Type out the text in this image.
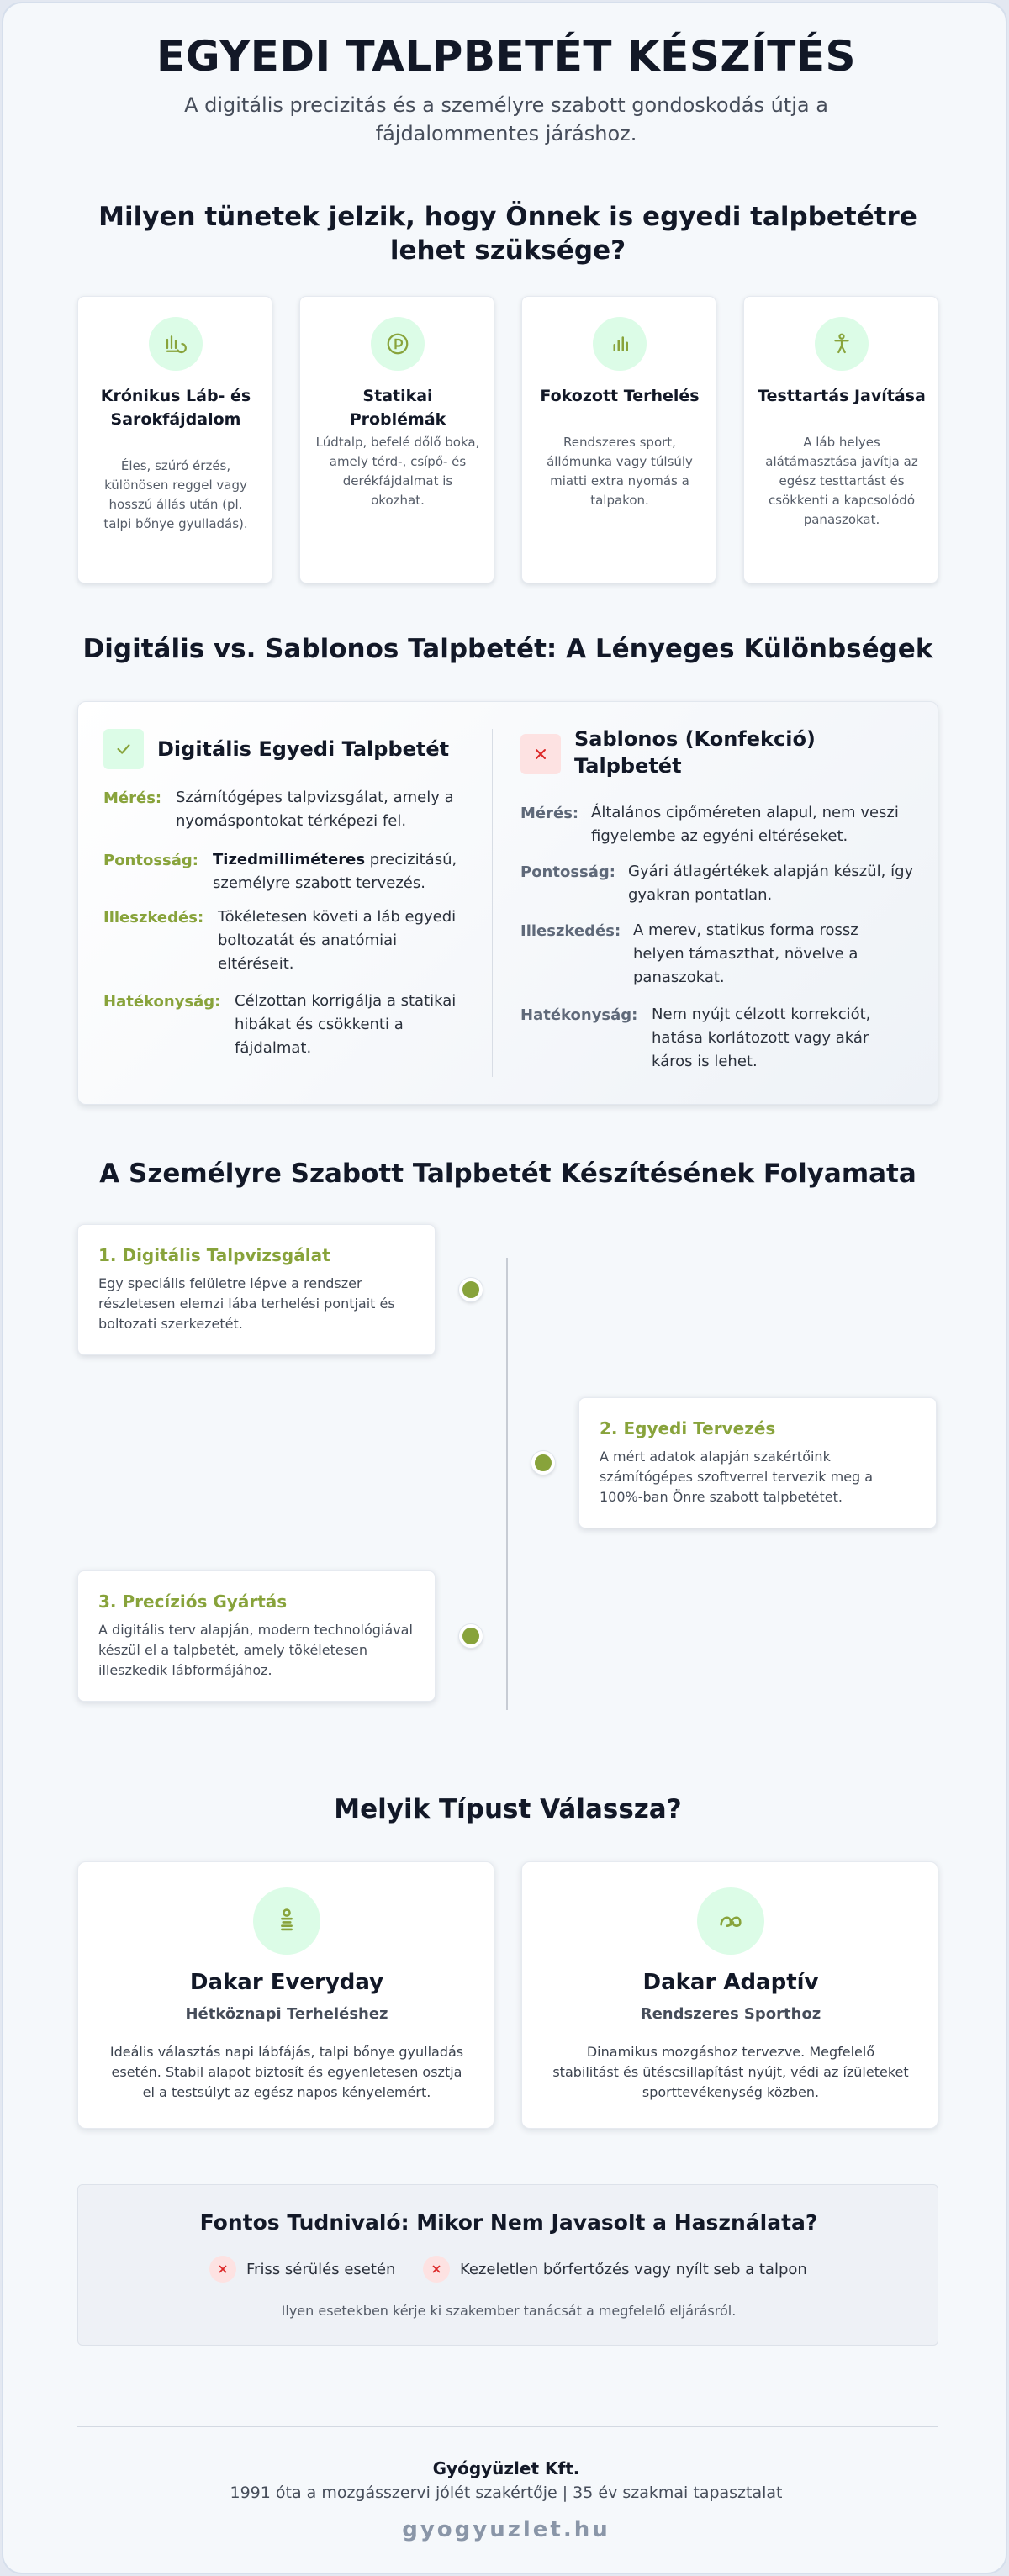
EGYEDI TALPBETÉT KÉSZÍTÉS
A digitális precizitás és a személyre szabott gondoskodás útja a fájdalommentes járáshoz.
Milyen tünetek jelzik, hogy Önnek is egyedi talpbetétre lehet szüksége?
Krónikus Láb- és Sarokfájdalom
Éles, szúró érzés, különösen reggel vagy hosszú állás után (pl. talpi bőnye gyulladás).
Statikai Problémák
Lúdtalp, befelé dőlő boka, amely térd-, csípő- és derékfájdalmat is okozhat.
Fokozott Terhelés
Rendszeres sport, állómunka vagy túlsúly miatti extra nyomás a talpakon.
Testtartás Javítása
A láb helyes alátámasztása javítja az egész testtartást és csökkenti a kapcsolódó panaszokat.
Digitális vs. Sablonos Talpbetét: A Lényeges Különbségek
Digitális Egyedi Talpbetét
Mérés: Számítógépes talpvizsgálat, amely a nyomáspontokat térképezi fel.
Pontosság: Tizedmilliméteres precizitású, személyre szabott tervezés.
Illeszkedés: Tökéletesen követi a láb egyedi boltozatát és anatómiai eltéréseit.
Hatékonyság: Célzottan korrigálja a statikai hibákat és csökkenti a fájdalmat.
Sablonos (Konfekció) Talpbetét
Mérés: Általános cipőméreten alapul, nem veszi figyelembe az egyéni eltéréseket.
Pontosság: Gyári átlagértékek alapján készül, így gyakran pontatlan.
Illeszkedés: A merev, statikus forma rossz helyen támaszthat, növelve a panaszokat.
Hatékonyság: Nem nyújt célzott korrekciót, hatása korlátozott vagy akár káros is lehet.
A Személyre Szabott Talpbetét Készítésének Folyamata
1. Digitális Talpvizsgálat
Egy speciális felületre lépve a rendszer részletesen elemzi lába terhelési pontjait és boltozati szerkezetét.
2. Egyedi Tervezés
A mért adatok alapján szakértőink számítógépes szoftverrel tervezik meg a 100%-ban Önre szabott talpbetétet.
3. Precíziós Gyártás
A digitális terv alapján, modern technológiával készül el a talpbetét, amely tökéletesen illeszkedik lábformájához.
Melyik Típust Válassza?
Dakar Everyday
Hétköznapi Terheléshez
Ideális választás napi lábfájás, talpi bőnye gyulladás esetén. Stabil alapot biztosít és egyenletesen osztja el a testsúlyt az egész napos kényelemért.
Dakar Adaptív
Rendszeres Sporthoz
Dinamikus mozgáshoz tervezve. Megfelelő stabilitást és ütéscsillapítást nyújt, védi az ízületeket sporttevékenység közben.
Fontos Tudnivaló: Mikor Nem Javasolt a Használata?
Friss sérülés esetén	Kezeletlen bőrfertőzés vagy nyílt seb a talpon
Ilyen esetekben kérje ki szakember tanácsát a megfelelő eljárásról.
Gyógyüzlet Kft.
1991 óta a mozgásszervi jólét szakértője | 35 év szakmai tapasztalat
gyogyuzlet.hu
